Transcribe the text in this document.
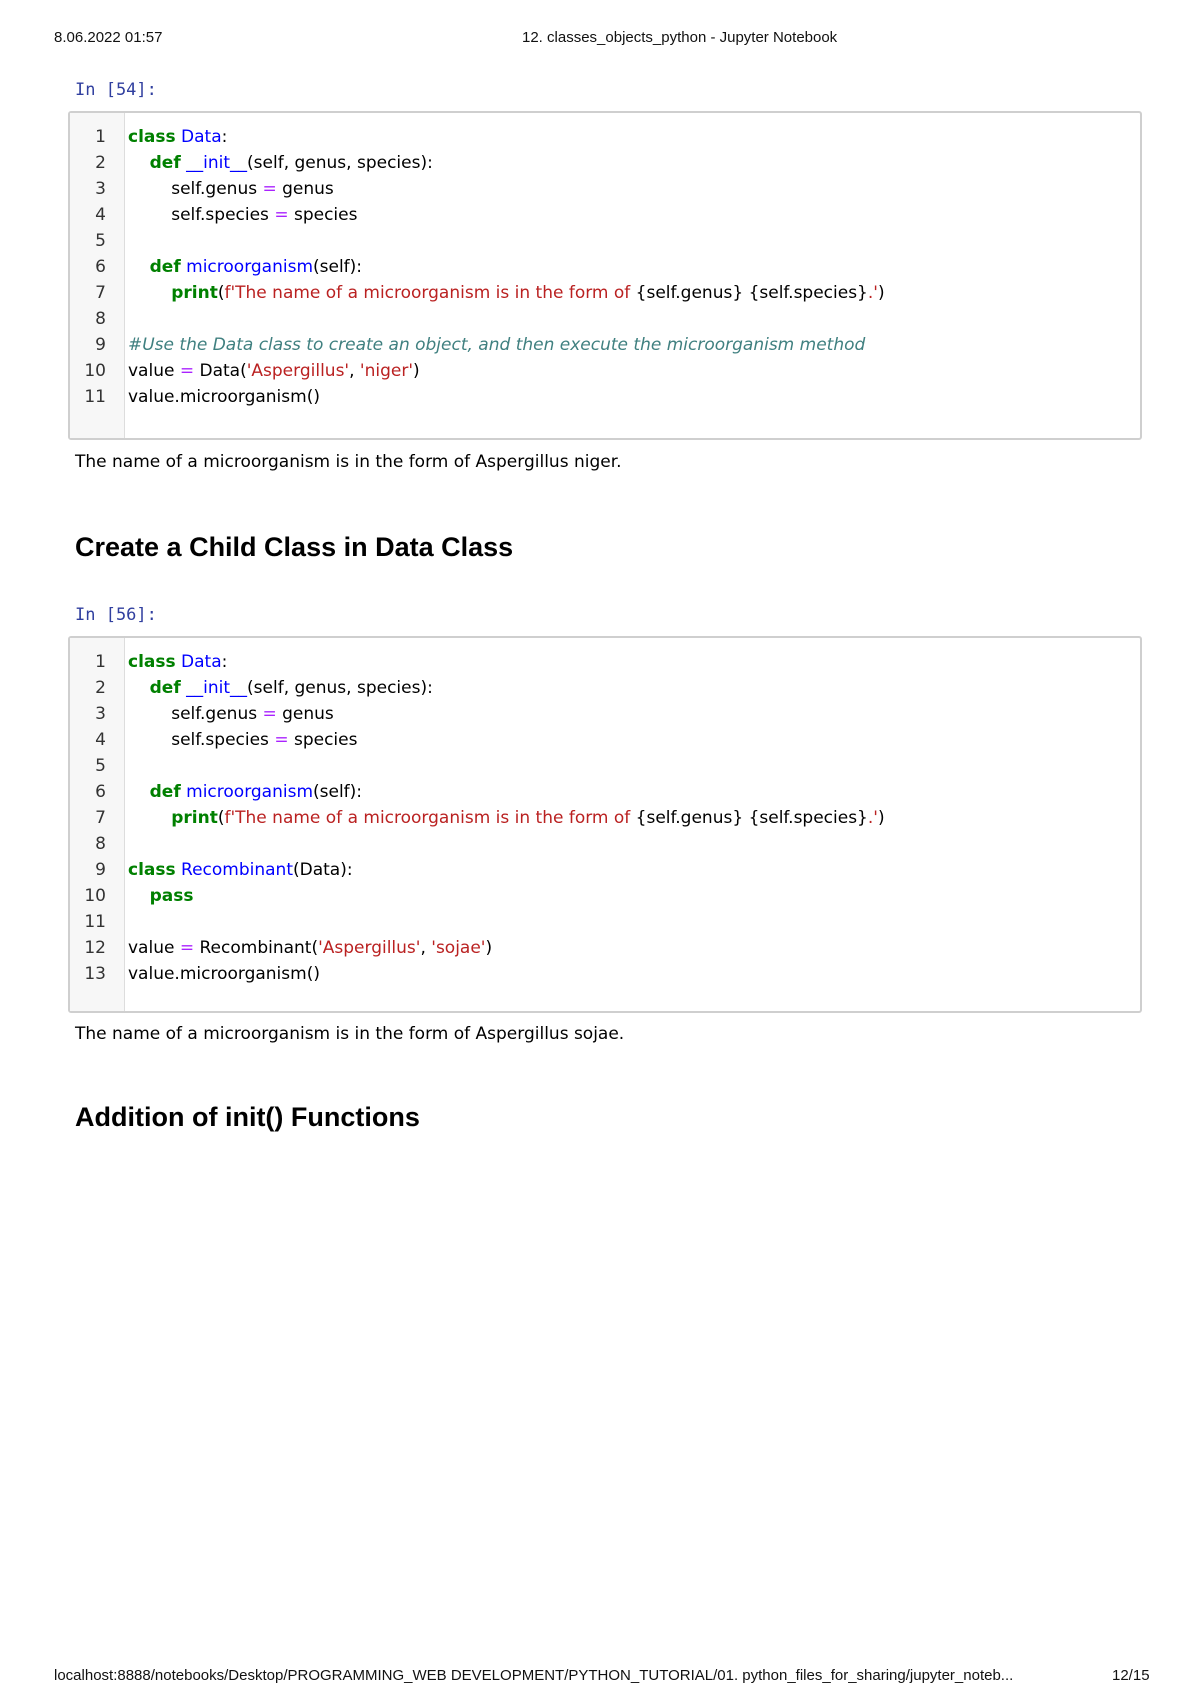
8.06.2022 01:57	12. classes_objects_python - Jupyter Notebook
In [54]:
1 class Data:
2	def __init__(self, genus, species):
3 self.genus = genus
4 self.species = species
5
6	def microorganism(self):
7	print(f'The name of a microorganism is in the form of {self.genus} {self.species}.')
8
9 #Use the Data class to create an object, and then execute the microorganism method
10 value = Data('Aspergillus', 'niger')
11 value.microorganism()
The name of a microorganism is in the form of Aspergillus niger.
Create a Child Class in Data Class
In [56]:
1 class Data:
2	def __init__(self, genus, species):
3 self.genus = genus
4 self.species = species
5
6	def microorganism(self):
7	print(f'The name of a microorganism is in the form of {self.genus} {self.species}.')
8
9 class Recombinant(Data):
10	pass
11
12 value = Recombinant('Aspergillus', 'sojae')
13 value.microorganism()
The name of a microorganism is in the form of Aspergillus sojae.
Addition of init() Functions
localhost:8888/notebooks/Desktop/PROGRAMMING_WEB DEVELOPMENT/PYTHON_TUTORIAL/01. python_files_for_sharing/jupyter_noteb...	12/15
